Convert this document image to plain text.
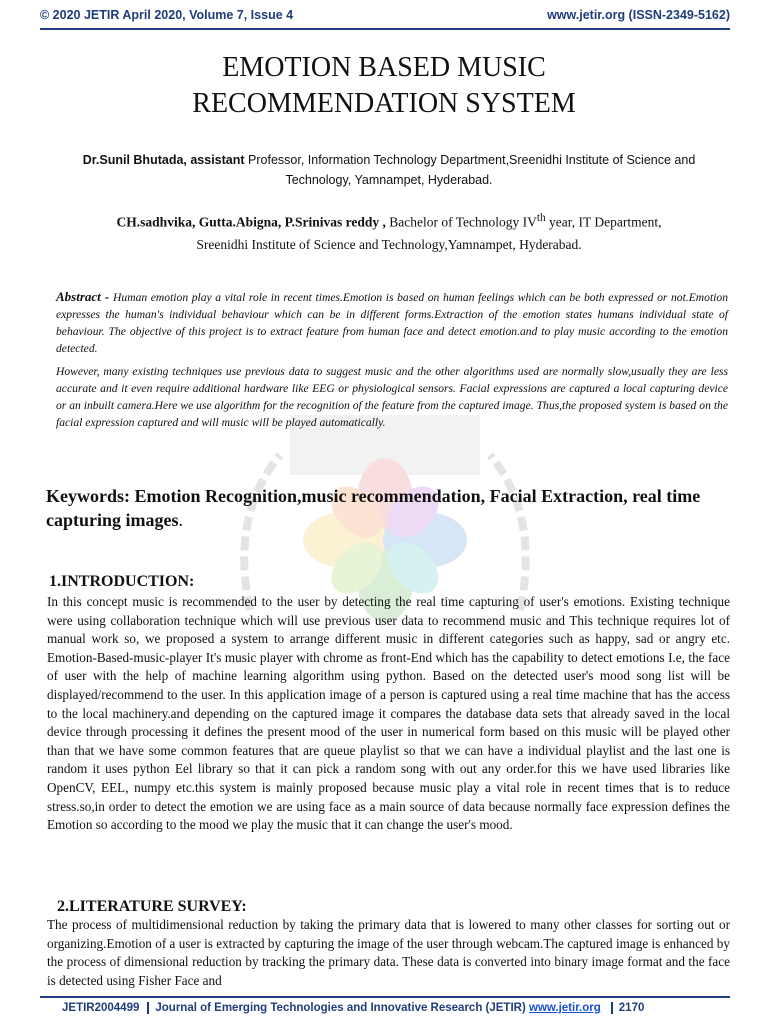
© 2020 JETIR April 2020, Volume 7, Issue 4	www.jetir.org (ISSN-2349-5162)
EMOTION BASED MUSIC
RECOMMENDATION SYSTEM
Dr.Sunil Bhutada, assistant Professor, Information Technology Department,Sreenidhi Institute of Science and Technology, Yamnampet, Hyderabad.
CH.sadhvika, Gutta.Abigna, P.Srinivas reddy , Bachelor of Technology IVth year, IT Department,
Sreenidhi Institute of Science and Technology,Yamnampet, Hyderabad.

Abstract - Human emotion play a vital role in recent times.Emotion is based on human feelings which can be both expressed or not.Emotion expresses the human's individual behaviour which can be in different forms.Extraction of the emotion states humans individual state of behaviour. The objective of this project is to extract feature from human face and detect emotion.and to play music according to the emotion detected.

However, many existing techniques use previous data to suggest music and the other algorithms used are normally slow,usually they are less accurate and it even require additional hardware like EEG or physiological sensors. Facial expressions are captured a local capturing device or an inbuilt camera.Here we use algorithm for the recognition of the feature from the captured image. Thus,the proposed system is based on the facial expression captured and will music will be played automatically.

Keywords: Emotion Recognition,music recommendation, Facial Extraction, real time capturing images.

1.INTRODUCTION:

In this concept music is recommended to the user by detecting the real time capturing of user's emotions. Existing technique were using collaboration technique which will use previous user data to recommend music and This technique requires lot of manual work so, we proposed a system to arrange different music in different categories such as happy, sad or angry etc. Emotion-Based-music-player It's music player with chrome as front-End which has the capability to detect emotions I.e, the face of user with the help of machine learning algorithm using python. Based on the detected user's mood song list will be displayed/recommend to the user. In this application image of a person is captured using a real time machine that has the access to the local machinery.and depending on the captured image it compares the database data sets that already saved in the local device through processing it defines the present mood of the user in numerical form based on this music will be played other than that we have some common features that are queue playlist so that we can have a individual playlist and the last one is random it uses python Eel library so that it can pick a random song with out any order.for this we have used libraries like OpenCV, EEL, numpy etc.this system is mainly proposed because music play a vital role in recent times that is to reduce stress.so,in order to detect the emotion we are using face as a main source of data because normally face expression defines the Emotion so according to the mood we play the music that it can change the user's mood.

2.LITERATURE SURVEY:

The process of multidimensional reduction by taking the primary data that is lowered to many other classes for sorting out or organizing.Emotion of a user is extracted by capturing the image of the user through webcam.The captured image is enhanced by the process of dimensional reduction by tracking the primary data. These data is converted into binary image format and the face is detected using Fisher Face and

JETIR2004499	Journal of Emerging Technologies and Innovative Research (JETIR) www.jetir.org	2170
